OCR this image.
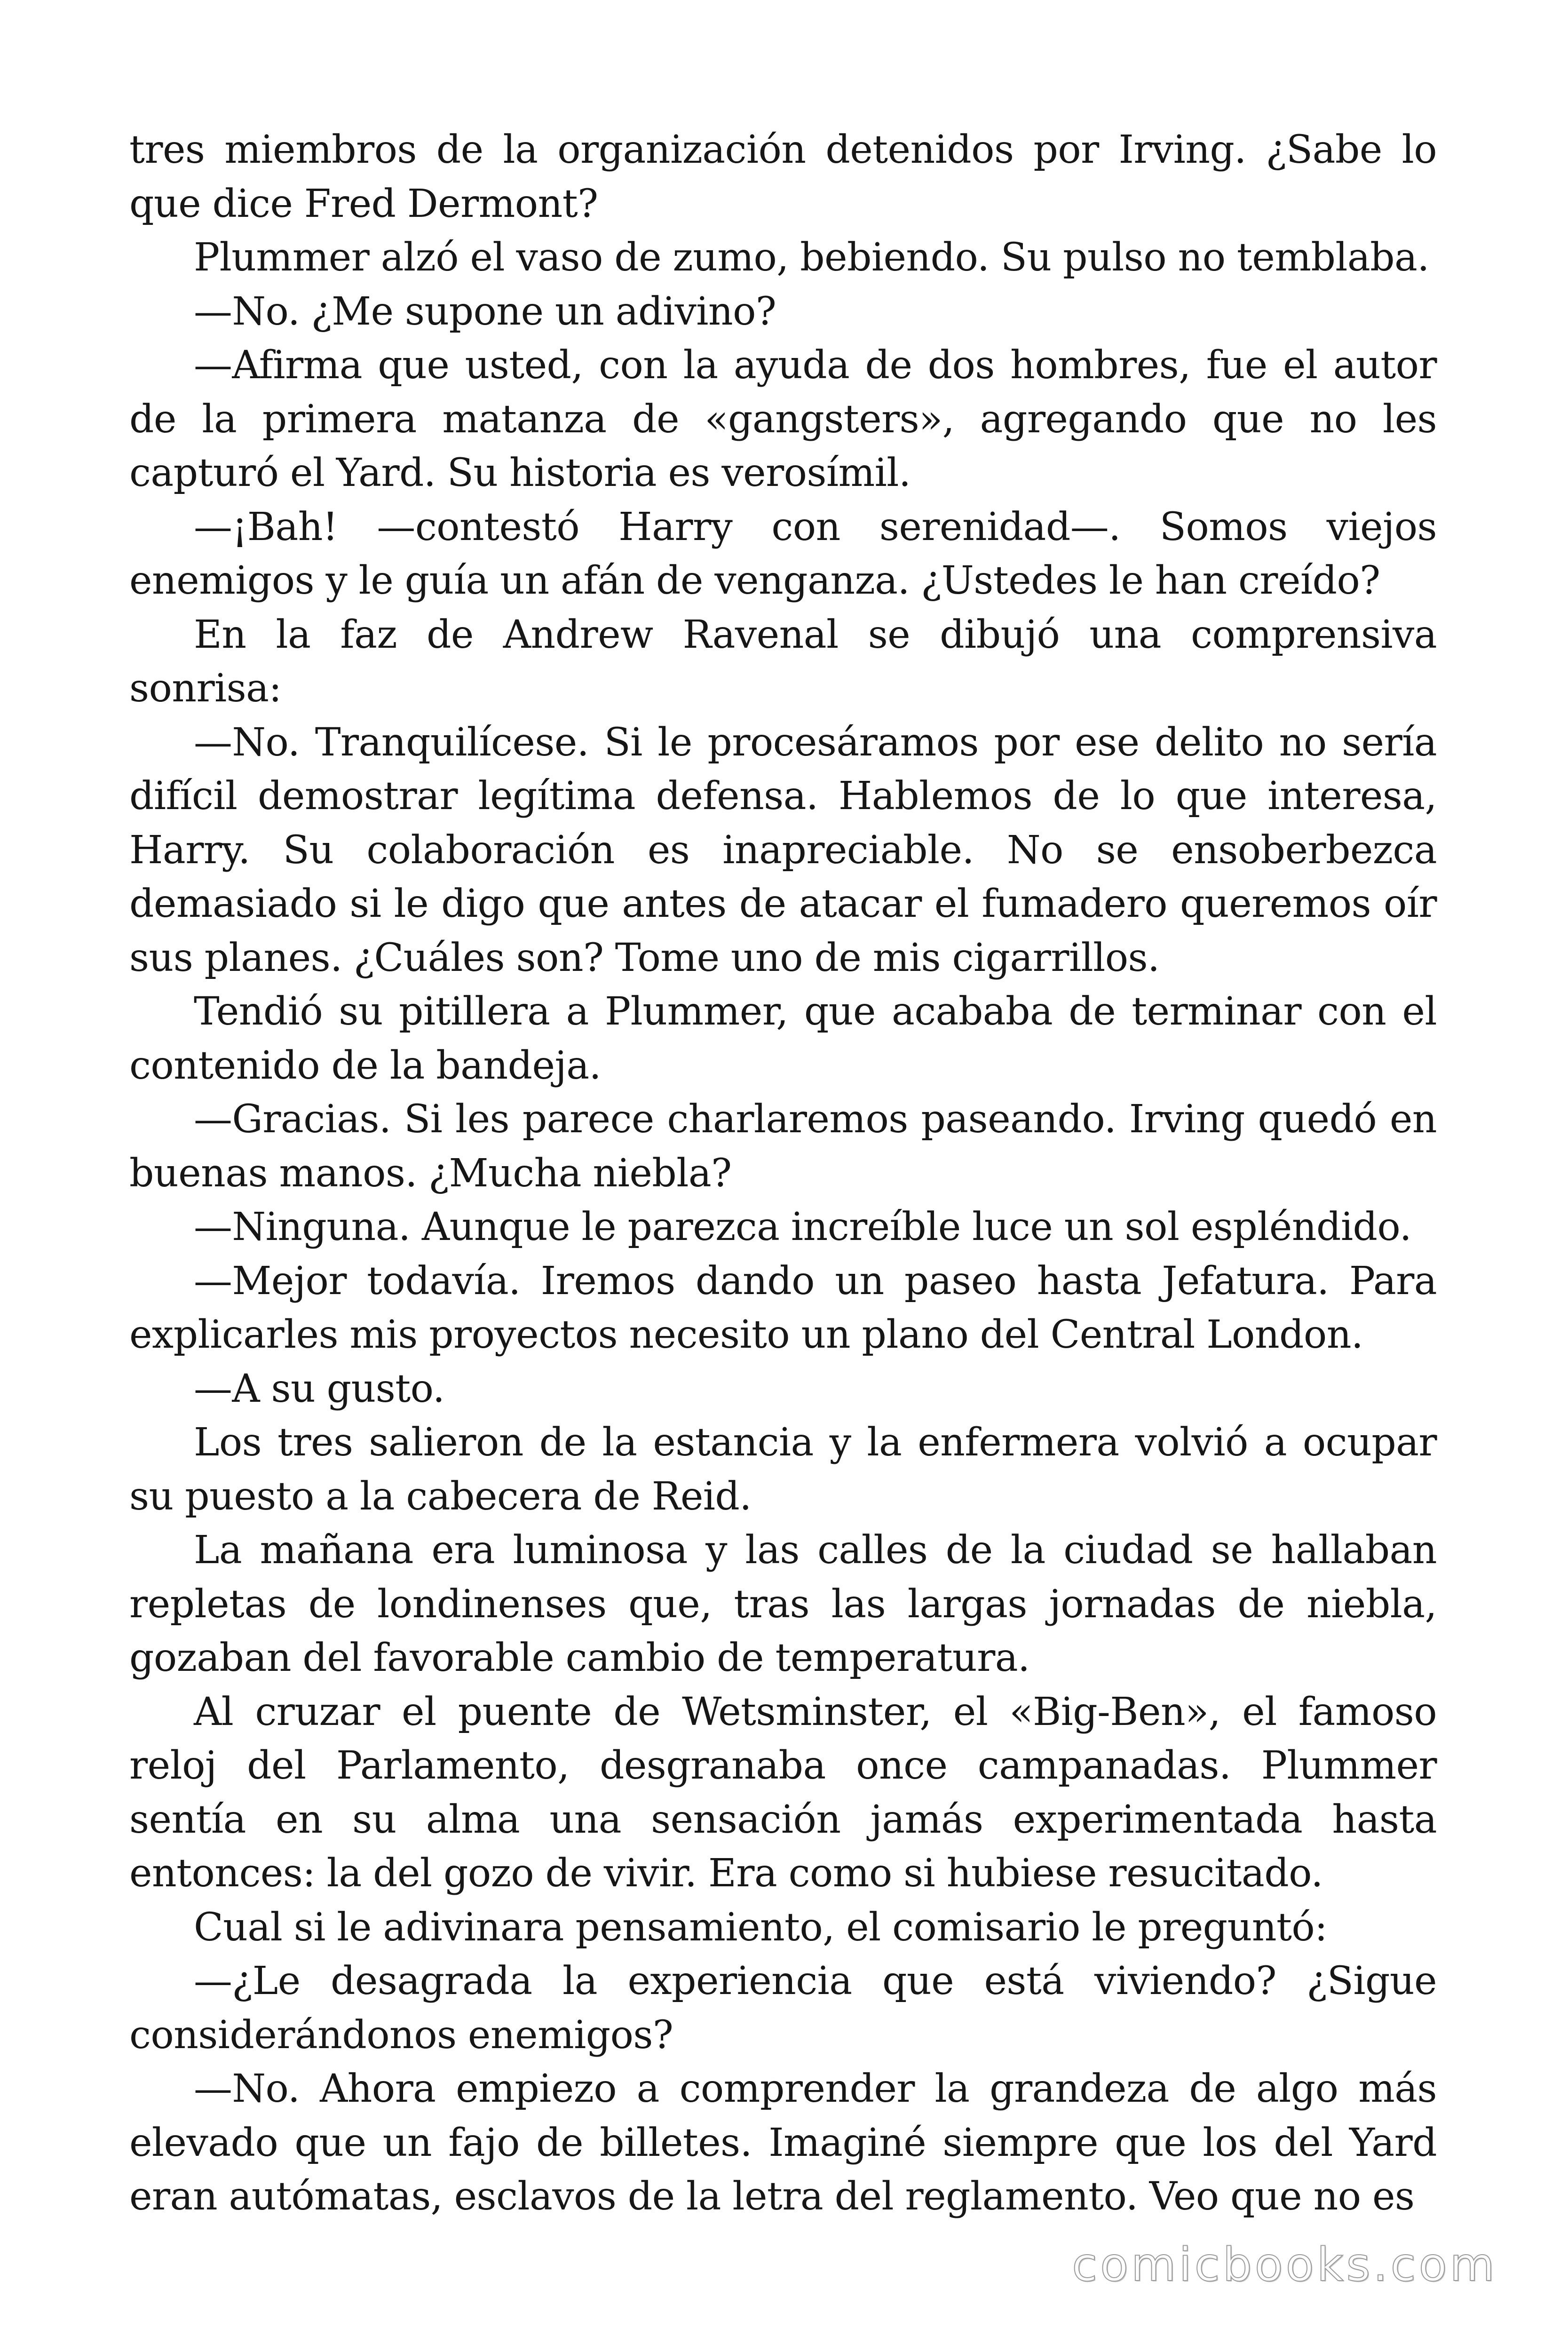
tres miembros de la organización detenidos por Irving. ¿Sabe lo que dice Fred Dermont?

Plummer alzó el vaso de zumo, bebiendo. Su pulso no temblaba.

—No. ¿Me supone un adivino?

—Afirma que usted, con la ayuda de dos hombres, fue el autor de la primera matanza de «gangsters», agregando que no les capturó el Yard. Su historia es verosímil.

—¡Bah! —contestó Harry con serenidad—. Somos viejos enemigos y le guía un afán de venganza. ¿Ustedes le han creído?

En la faz de Andrew Ravenal se dibujó una comprensiva sonrisa:

—No. Tranquilícese. Si le procesáramos por ese delito no sería difícil demostrar legítima defensa. Hablemos de lo que interesa, Harry. Su colaboración es inapreciable. No se ensoberbezca demasiado si le digo que antes de atacar el fumadero queremos oír sus planes. ¿Cuáles son? Tome uno de mis cigarrillos.

Tendió su pitillera a Plummer, que acababa de terminar con el contenido de la bandeja.

—Gracias. Si les parece charlaremos paseando. Irving quedó en buenas manos. ¿Mucha niebla?

—Ninguna. Aunque le parezca increíble luce un sol espléndido.

—Mejor todavía. Iremos dando un paseo hasta Jefatura. Para explicarles mis proyectos necesito un plano del Central London.

—A su gusto.

Los tres salieron de la estancia y la enfermera volvió a ocupar su puesto a la cabecera de Reid.

La mañana era luminosa y las calles de la ciudad se hallaban repletas de londinenses que, tras las largas jornadas de niebla, gozaban del favorable cambio de temperatura.

Al cruzar el puente de Wetsminster, el «Big-Ben», el famoso reloj del Parlamento, desgranaba once campanadas. Plummer sentía en su alma una sensación jamás experimentada hasta entonces: la del gozo de vivir. Era como si hubiese resucitado.

Cual si le adivinara pensamiento, el comisario le preguntó:

—¿Le desagrada la experiencia que está viviendo? ¿Sigue considerándonos enemigos?

—No. Ahora empiezo a comprender la grandeza de algo más elevado que un fajo de billetes. Imaginé siempre que los del Yard eran autómatas, esclavos de la letra del reglamento. Veo que no es

comicbooks.com
